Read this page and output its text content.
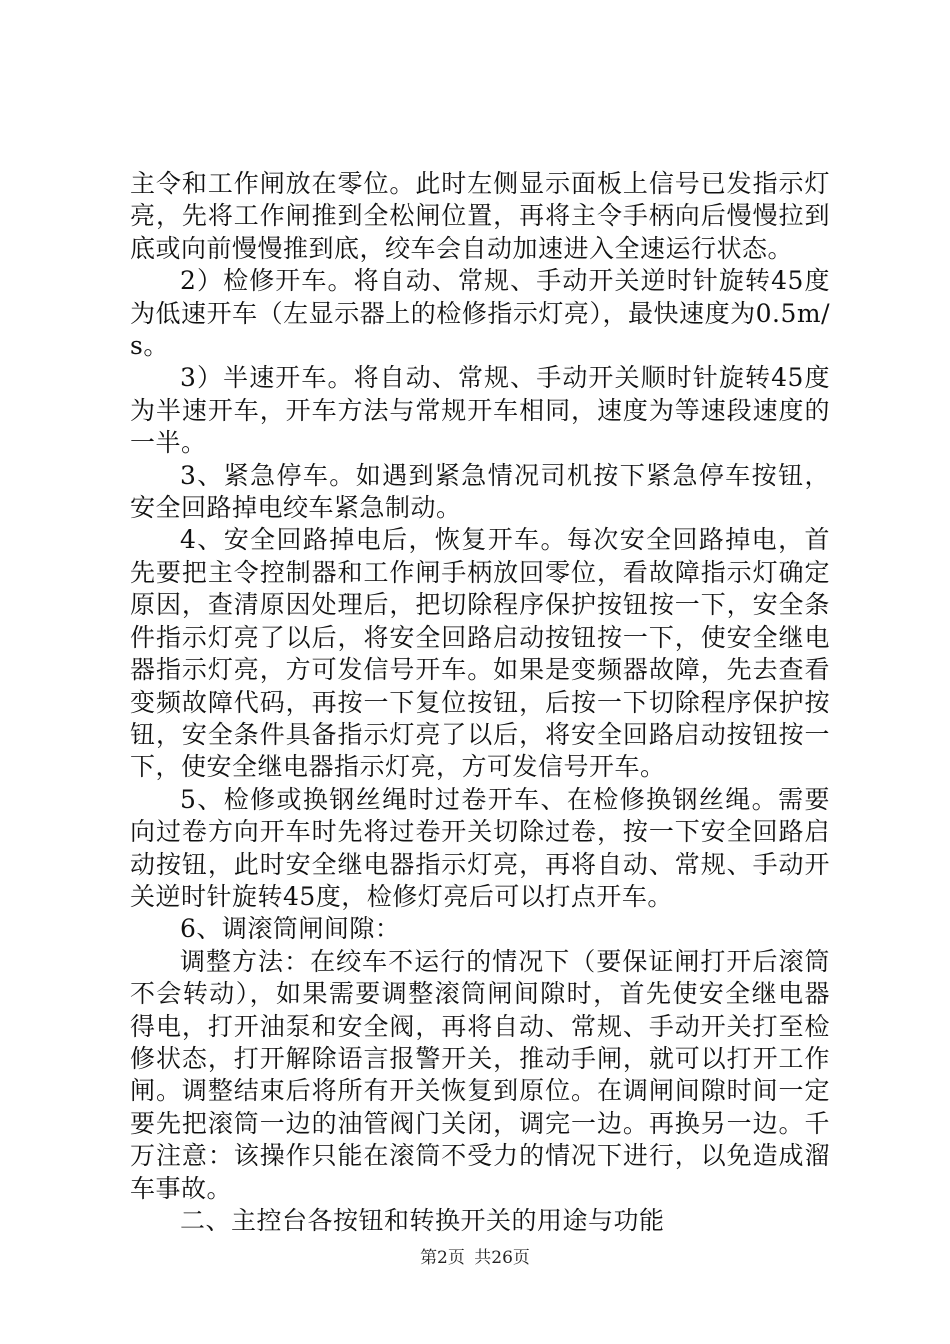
主令和工作闸放在零位。此时左侧显示面板上信号已发指示灯亮，先将工作闸推到全松闸位置，再将主令手柄向后慢慢拉到底或向前慢慢推到底，绞车会自动加速进入全速运行状态。

2）检修开车。将自动、常规、手动开关逆时针旋转45度为低速开车（左显示器上的检修指示灯亮），最快速度为0.5m/s。

3）半速开车。将自动、常规、手动开关顺时针旋转45度为半速开车，开车方法与常规开车相同，速度为等速段速度的一半。

3、紧急停车。如遇到紧急情况司机按下紧急停车按钮，安全回路掉电绞车紧急制动。

4、安全回路掉电后，恢复开车。每次安全回路掉电，首先要把主令控制器和工作闸手柄放回零位，看故障指示灯确定原因，查清原因处理后，把切除程序保护按钮按一下，安全条件指示灯亮了以后，将安全回路启动按钮按一下，使安全继电器指示灯亮，方可发信号开车。如果是变频器故障，先去查看变频故障代码，再按一下复位按钮，后按一下切除程序保护按钮，安全条件具备指示灯亮了以后，将安全回路启动按钮按一下，使安全继电器指示灯亮，方可发信号开车。

5、检修或换钢丝绳时过卷开车、在检修换钢丝绳。需要向过卷方向开车时先将过卷开关切除过卷，按一下安全回路启动按钮，此时安全继电器指示灯亮，再将自动、常规、手动开关逆时针旋转45度，检修灯亮后可以打点开车。

6、调滚筒闸间隙：

调整方法：在绞车不运行的情况下（要保证闸打开后滚筒不会转动），如果需要调整滚筒闸间隙时，首先使安全继电器得电，打开油泵和安全阀，再将自动、常规、手动开关打至检修状态，打开解除语言报警开关，推动手闸，就可以打开工作闸。调整结束后将所有开关恢复到原位。在调闸间隙时间一定要先把滚筒一边的油管阀门关闭，调完一边。再换另一边。千万注意：该操作只能在滚筒不受力的情况下进行，以免造成溜车事故。

二、主控台各按钮和转换开关的用途与功能

第2页 共26页
